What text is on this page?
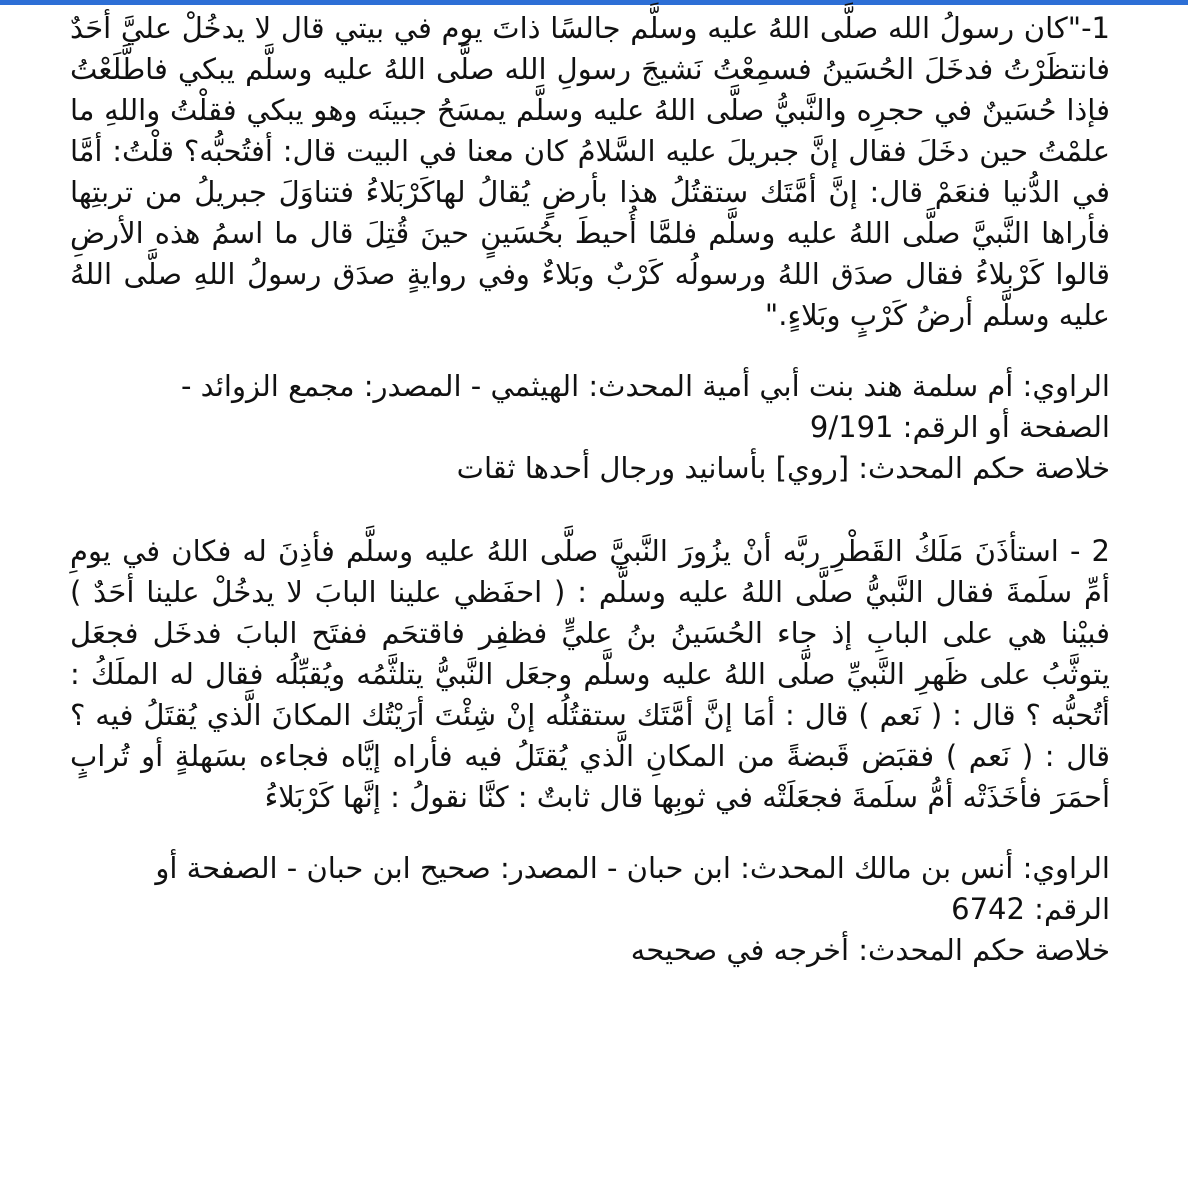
1-"كان رسولُ الله صلَّى اللهُ عليه وسلَّم جالسًا ذاتَ يوم في بيتي قال لا يدخُلْ عليَّ أحَدٌ فانتظَرْتُ فدخَلَ الحُسَينُ فسمِعْتُ نَشيجَ رسولِ الله صلَّى اللهُ عليه وسلَّم يبكي فاطَّلَعْتُ فإذا حُسَينٌ في حجرِه والنَّبيُّ صلَّى اللهُ عليه وسلَّم يمسَحُ جبينَه وهو يبكي فقلْتُ واللهِ ما علمْتُ حين دخَلَ فقال إنَّ جبريلَ عليه السَّلامُ كان معنا في البيت قال: أفتُحبُّه؟ قلْتُ: أمَّا في الدُّنيا فنعَمْ قال: إنَّ أمَّتَك ستقتُلُ هذا بأرضٍ يُقالُ لهاكَرْبَلاءُ فتناوَلَ جبريلُ من تربتِها فأراها النَّبيَّ صلَّى اللهُ عليه وسلَّم فلمَّا أُحيطَ بحُسَينٍ حينَ قُتِلَ قال ما اسمُ هذه الأرضِ قالوا كَرْبلاءُ فقال صدَق اللهُ ورسولُه كَرْبٌ وبَلاءٌ وفي روايةٍ صدَق رسولُ اللهِ صلَّى اللهُ عليه وسلَّم أرضُ كَرْبٍ وبَلاءٍ."

الراوي: أم سلمة هند بنت أبي أمية المحدث: الهيثمي - المصدر: مجمع الزوائد -

الصفحة أو الرقم: 9/191

خلاصة حكم المحدث: [روي] بأسانيد ورجال أحدها ثقات

2 - استأذَنَ مَلَكُ القَطْرِ ربَّه أنْ يزُورَ النَّبيَّ صلَّى اللهُ عليه وسلَّم فأذِنَ له فكان في يومِ أمِّ سلَمةَ فقال النَّبيُّ صلَّى اللهُ عليه وسلَّم : ( احفَظي علينا البابَ لا يدخُلْ علينا أحَدٌ ) فبيْنا هي على البابِ إذ جاء الحُسَينُ بنُ عليٍّ فظفِر فاقتحَم ففتَح البابَ فدخَل فجعَل يتوثَّبُ على ظَهرِ النَّبيِّ صلَّى اللهُ عليه وسلَّم وجعَل النَّبيُّ يتلثَّمُه ويُقبِّلُه فقال له الملَكُ : أتُحبُّه ؟ قال : ( نَعم ) قال : أمَا إنَّ أمَّتَك ستقتُلُه إنْ شِئْتَ أرَيْتُك المكانَ الَّذي يُقتَلُ فيه ؟ قال : ( نَعم ) فقبَض قَبضةً من المكانِ الَّذي يُقتَلُ فيه فأراه إيَّاه فجاءه بسَهلةٍ أو تُرابٍ أحمَرَ فأخَذَتْه أمُّ سلَمةَ فجعَلَتْه في ثوبِها قال ثابتٌ : كنَّا نقولُ : إنَّها كَرْبَلاءُ

الراوي: أنس بن مالك المحدث: ابن حبان - المصدر: صحيح ابن حبان - الصفحة أو

الرقم: 6742

خلاصة حكم المحدث: أخرجه في صحيحه
